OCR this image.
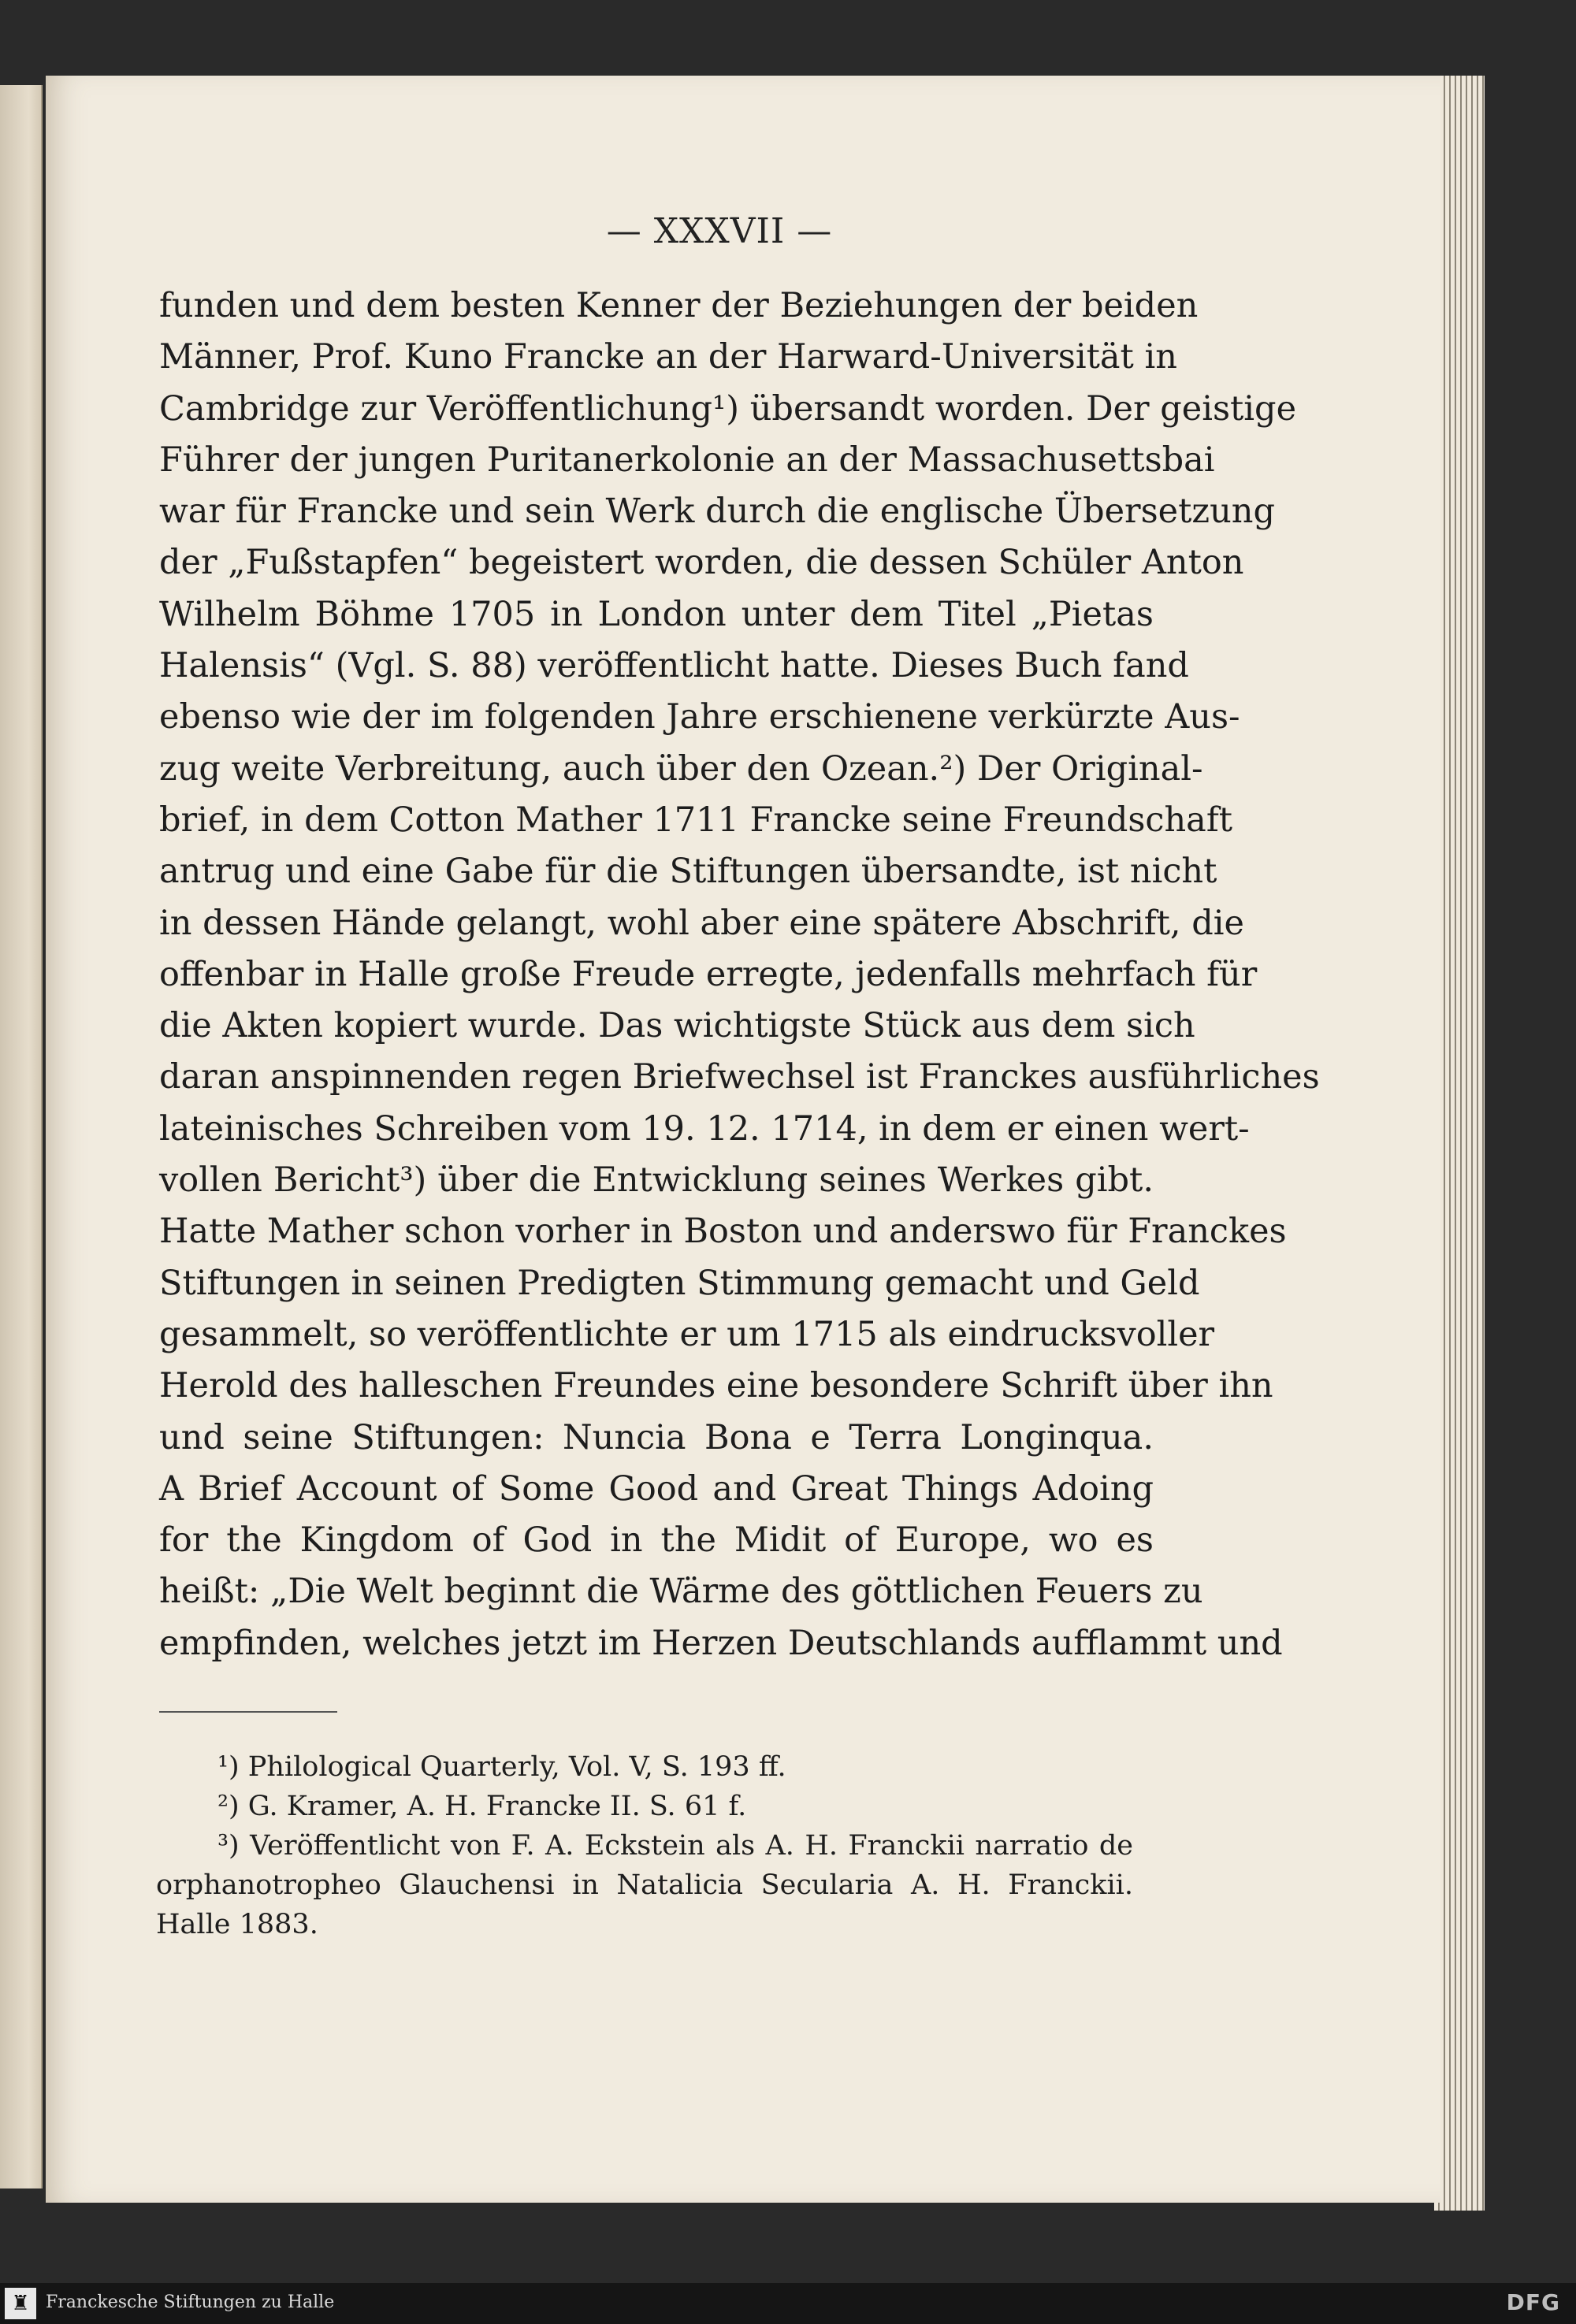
— XXXVII —
funden und dem besten Kenner der Beziehungen der beiden
Männer, Prof. Kuno Francke an der Harward-Universität in
Cambridge zur Veröffentlichung¹) übersandt worden. Der geistige
Führer der jungen Puritanerkolonie an der Massachusettsbai
war für Francke und sein Werk durch die englische Übersetzung
der „Fußstapfen“ begeistert worden, die dessen Schüler Anton
Wilhelm Böhme 1705 in London unter dem Titel „Pietas
Halensis“ (Vgl. S. 88) veröffentlicht hatte. Dieses Buch fand
ebenso wie der im folgenden Jahre erschienene verkürzte Aus-
zug weite Verbreitung, auch über den Ozean.²) Der Original-
brief, in dem Cotton Mather 1711 Francke seine Freundschaft
antrug und eine Gabe für die Stiftungen übersandte, ist nicht
in dessen Hände gelangt, wohl aber eine spätere Abschrift, die
offenbar in Halle große Freude erregte, jedenfalls mehrfach für
die Akten kopiert wurde. Das wichtigste Stück aus dem sich
daran anspinnenden regen Briefwechsel ist Franckes ausführliches
lateinisches Schreiben vom 19. 12. 1714, in dem er einen wert-
vollen Bericht³) über die Entwicklung seines Werkes gibt.
Hatte Mather schon vorher in Boston und anderswo für Franckes
Stiftungen in seinen Predigten Stimmung gemacht und Geld
gesammelt, so veröffentlichte er um 1715 als eindrucksvoller
Herold des halleschen Freundes eine besondere Schrift über ihn
und seine Stiftungen: Nuncia Bona e Terra Longinqua.
A Brief Account of Some Good and Great Things Adoing
for the Kingdom of God in the Midit of Europe, wo es
heißt: „Die Welt beginnt die Wärme des göttlichen Feuers zu
empfinden, welches jetzt im Herzen Deutschlands aufflammt und
¹) Philological Quarterly, Vol. V, S. 193 ff.
²) G. Kramer, A. H. Francke II. S. 61 f.
³) Veröffentlicht von F. A. Eckstein als A. H. Franckii narratio de
orphanotropheo Glauchensi in Natalicia Secularia A. H. Franckii.
Halle 1883.
♜ Franckesche Stiftungen zu Halle	DFG
